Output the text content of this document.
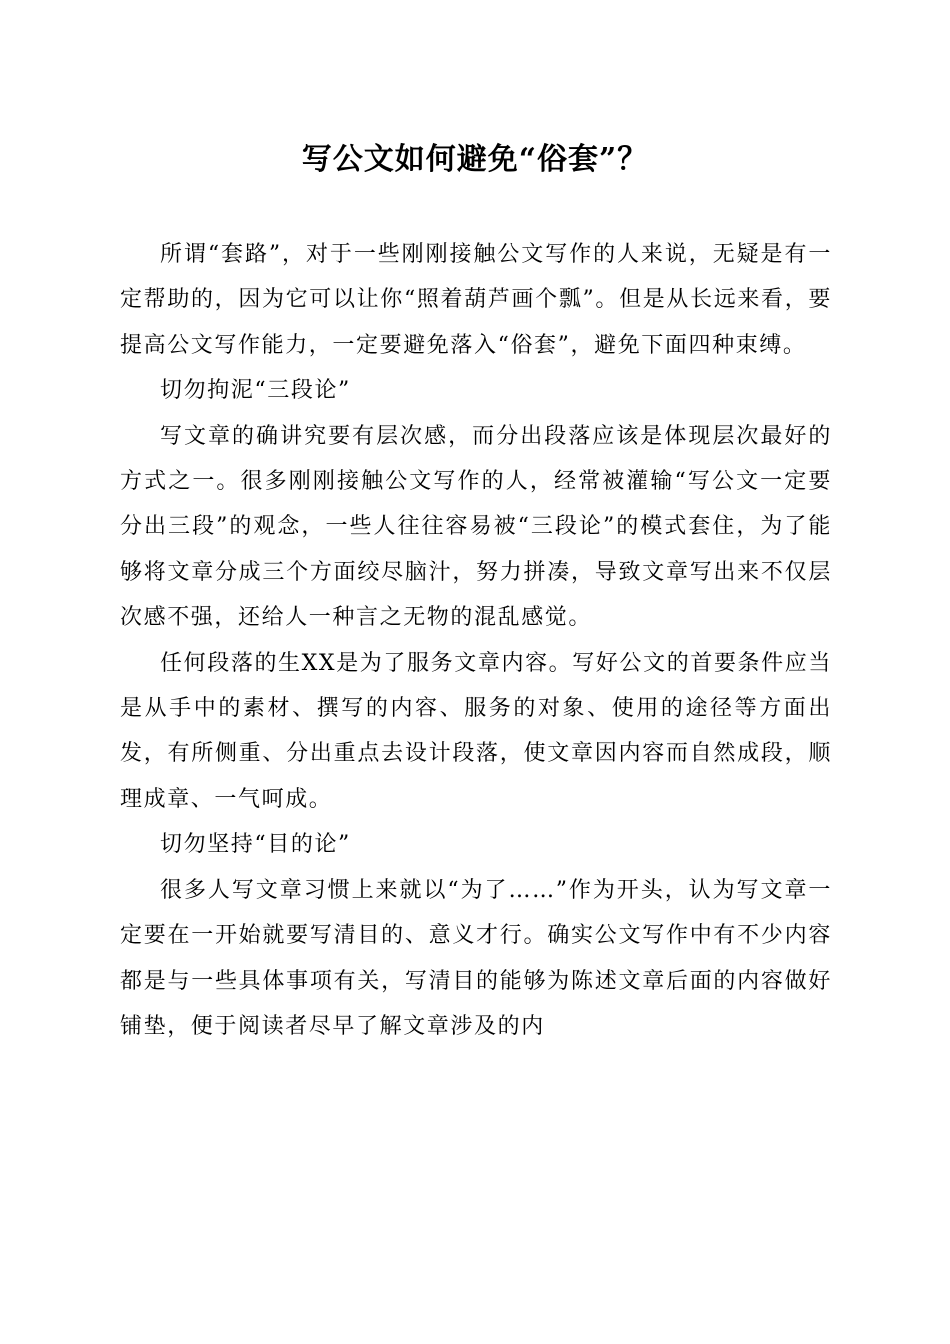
写公文如何避免“俗套”？

所谓“套路”，对于一些刚刚接触公文写作的人来说，无疑是有一定帮助的，因为它可以让你“照着葫芦画个瓢”。但是从长远来看，要提高公文写作能力，一定要避免落入“俗套”，避免下面四种束缚。

切勿拘泥“三段论”

写文章的确讲究要有层次感，而分出段落应该是体现层次最好的方式之一。很多刚刚接触公文写作的人，经常被灌输“写公文一定要分出三段”的观念，一些人往往容易被“三段论”的模式套住，为了能够将文章分成三个方面绞尽脑汁，努力拼凑，导致文章写出来不仅层次感不强，还给人一种言之无物的混乱感觉。

任何段落的生XX是为了服务文章内容。写好公文的首要条件应当是从手中的素材、撰写的内容、服务的对象、使用的途径等方面出发，有所侧重、分出重点去设计段落，使文章因内容而自然成段，顺理成章、一气呵成。

切勿坚持“目的论”

很多人写文章习惯上来就以“为了……”作为开头，认为写文章一定要在一开始就要写清目的、意义才行。确实公文写作中有不少内容都是与一些具体事项有关，写清目的能够为陈述文章后面的内容做好铺垫，便于阅读者尽早了解文章涉及的内
